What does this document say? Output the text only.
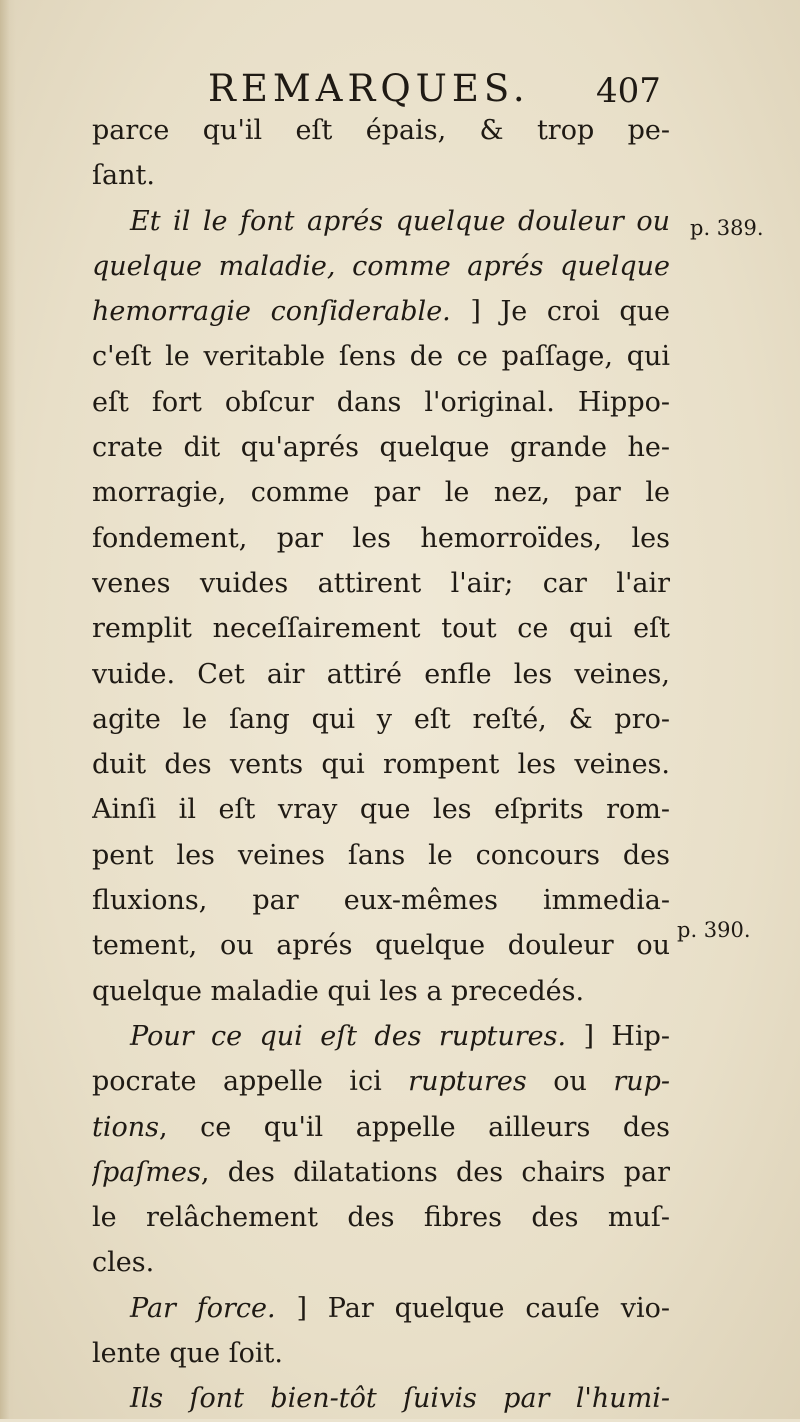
REMARQUES. 407
p. 389.
p. 390.
parce qu'il eſt épais, & trop pe-
ſant.
Et il le font aprés quelque douleur ou
quelque maladie, comme aprés quelque
hemorragie conſiderable. ] Je croi que
c'eſt le veritable ſens de ce paſſage, qui
eſt fort obſcur dans l'original. Hippo-
crate dit qu'aprés quelque grande he-
morragie, comme par le nez, par le
fondement, par les hemorroïdes, les
venes vuides attirent l'air; car l'air
remplit neceſſairement tout ce qui eſt
vuide. Cet air attiré enfle les veines,
agite le ſang qui y eſt reſté, & pro-
duit des vents qui rompent les veines.
Ainſi il eſt vray que les eſprits rom-
pent les veines ſans le concours des
fluxions, par eux-mêmes immedia-
tement, ou aprés quelque douleur ou
quelque maladie qui les a precedés.
Pour ce qui eſt des ruptures. ] Hip-
pocrate appelle ici ruptures ou rup-
tions, ce qu'il appelle ailleurs des
ſpaſmes, des dilatations des chairs par
le relâchement des fibres des muſ-
cles.
Par force. ] Par quelque cauſe vio-
lente que ſoit.
Ils ſont bien-tôt ſuivis par l'humi-
